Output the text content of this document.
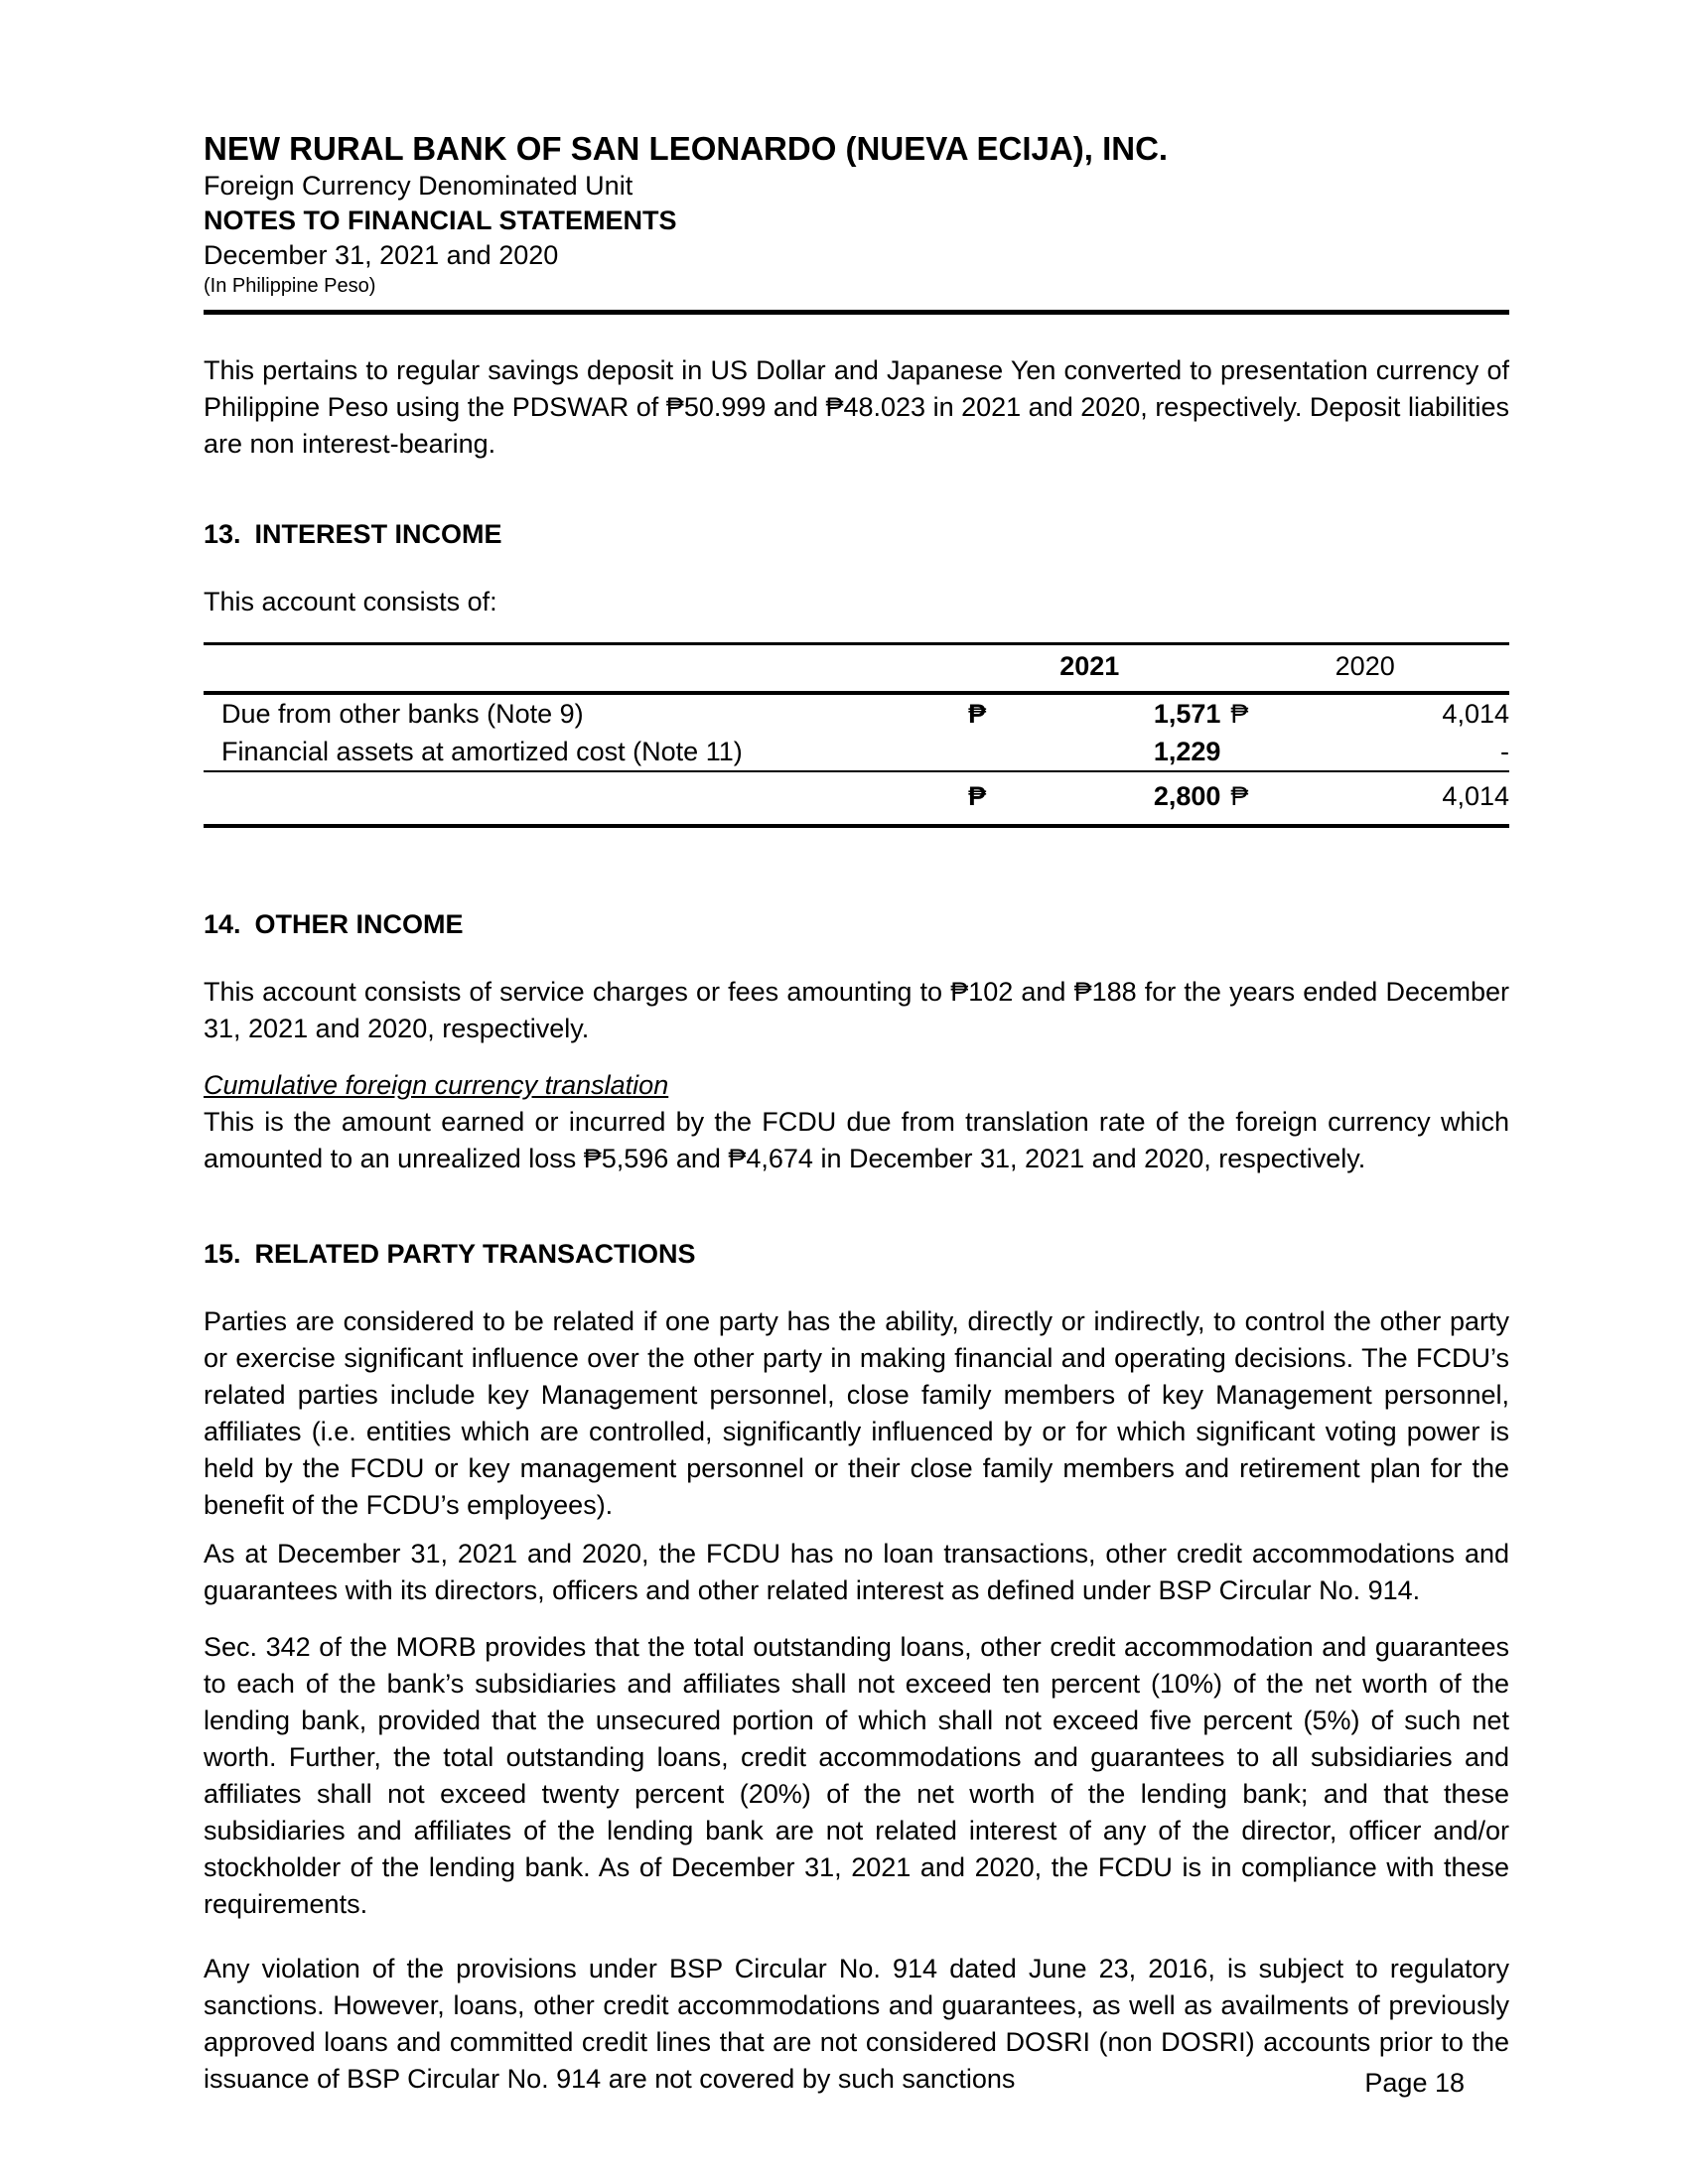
NEW RURAL BANK OF SAN LEONARDO (NUEVA ECIJA), INC.
Foreign Currency Denominated Unit
NOTES TO FINANCIAL STATEMENTS
December 31, 2021 and 2020
(In Philippine Peso)

This pertains to regular savings deposit in US Dollar and Japanese Yen converted to presentation currency of Philippine Peso using the PDSWAR of ₱50.999 and ₱48.023 in 2021 and 2020, respectively. Deposit liabilities are non interest-bearing.

13. INTEREST INCOME

This account consists of:

	2021		2020	
Due from other banks (Note 9)	₱	1,571	₱	4,014
Financial assets at amortized cost (Note 11)		1,229		-
	₱	2,800	₱	4,014

14. OTHER INCOME

This account consists of service charges or fees amounting to ₱102 and ₱188 for the years ended December 31, 2021 and 2020, respectively.

Cumulative foreign currency translation

This is the amount earned or incurred by the FCDU due from translation rate of the foreign currency which amounted to an unrealized loss ₱5,596 and ₱4,674 in December 31, 2021 and 2020, respectively.

15. RELATED PARTY TRANSACTIONS

Parties are considered to be related if one party has the ability, directly or indirectly, to control the other party or exercise significant influence over the other party in making financial and operating decisions. The FCDU’s related parties include key Management personnel, close family members of key Management personnel, affiliates (i.e. entities which are controlled, significantly influenced by or for which significant voting power is held by the FCDU or key management personnel or their close family members and retirement plan for the benefit of the FCDU’s employees).

As at December 31, 2021 and 2020, the FCDU has no loan transactions, other credit accommodations and guarantees with its directors, officers and other related interest as defined under BSP Circular No. 914.

Sec. 342 of the MORB provides that the total outstanding loans, other credit accommodation and guarantees to each of the bank’s subsidiaries and affiliates shall not exceed ten percent (10%) of the net worth of the lending bank, provided that the unsecured portion of which shall not exceed five percent (5%) of such net worth. Further, the total outstanding loans, credit accommodations and guarantees to all subsidiaries and affiliates shall not exceed twenty percent (20%) of the net worth of the lending bank; and that these subsidiaries and affiliates of the lending bank are not related interest of any of the director, officer and/or stockholder of the lending bank. As of December 31, 2021 and 2020, the FCDU is in compliance with these requirements.

Any violation of the provisions under BSP Circular No. 914 dated June 23, 2016, is subject to regulatory sanctions. However, loans, other credit accommodations and guarantees, as well as availments of previously approved loans and committed credit lines that are not considered DOSRI (non DOSRI) accounts prior to the issuance of BSP Circular No. 914 are not covered by such sanctions	Page 18
